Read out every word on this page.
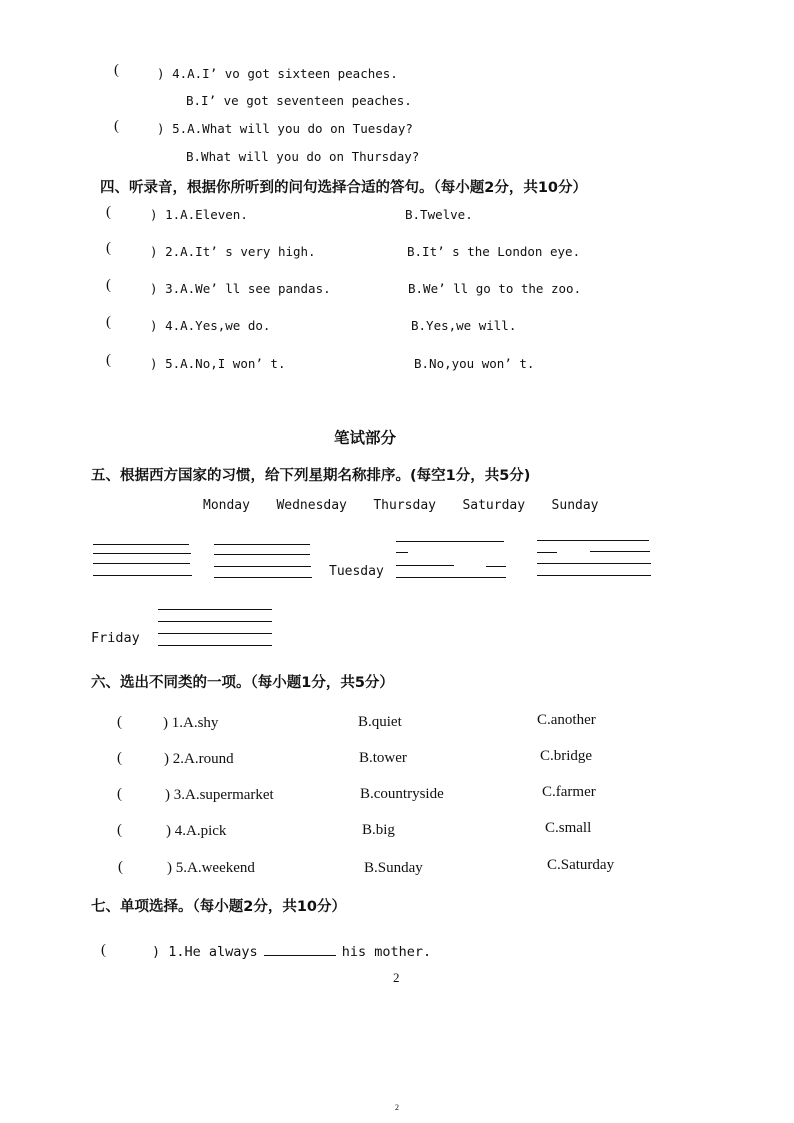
(	) 4.A.I’ vo got sixteen peaches.
B.I’ ve got seventeen peaches.
(	) 5.A.What will you do on Tuesday?
B.What will you do on Thursday?
四、听录音，根据你所听到的问句选择合适的答句。（每小题2分，共10分）
(	) 1.A.Eleven.	B.Twelve.
(	) 2.A.It’ s very high.	B.It’ s the London eye.
(	) 3.A.We’ ll see pandas.	B.We’ ll go to the zoo.
(	) 4.A.Yes,we do.	B.Yes,we will.
(	) 5.A.No,I won’ t.	B.No,you won’ t.
笔试部分
五、根据西方国家的习惯，给下列星期名称排序。(每空1分，共5分)
Monday   Wednesday   Thursday   Saturday   Sunday
Tuesday
Friday
六、选出不同类的一项。（每小题1分，共5分）
(	) 1.A.shy	B.quiet	C.another
(	) 2.A.round	B.tower	C.bridge
(	) 3.A.supermarket	B.countryside	C.farmer
(	) 4.A.pick	B.big	C.small
(	) 5.A.weekend	B.Sunday	C.Saturday
七、单项选择。（每小题2分，共10分）
(	) 1.He always	his mother.
2
2
